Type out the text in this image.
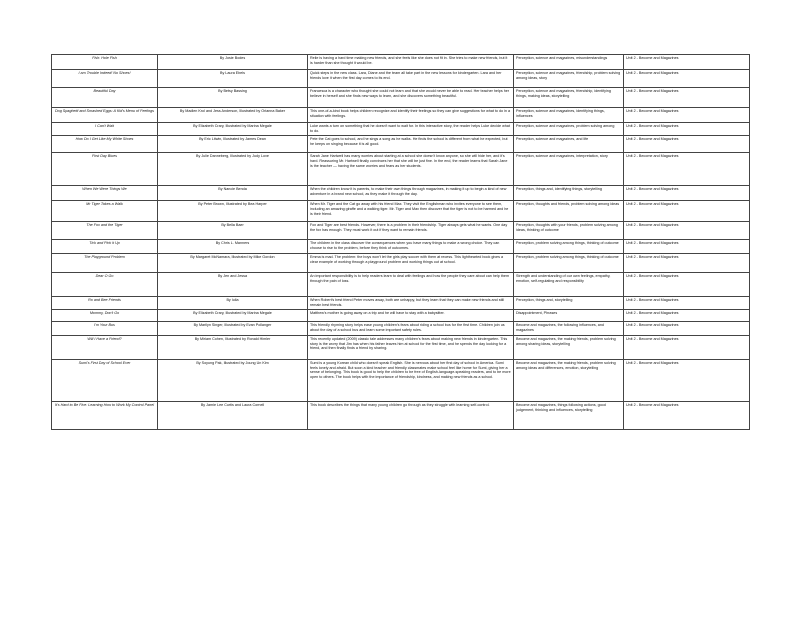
Fish: Hole Fish	By Josie Bodes	Relie is having a hard time making new friends, and she feels like she does not fit in. She tries to make new friends, but it is harder than she thought it would be.	Perception, science and magazines, misunderstandings	Unit 2 - Become and Magazines
I am Trouble Indeed! No Shoes!	By Laura Ebels	Quick steps in the new class. Lara, Diane and the team all take part in the new lessons for kindergarten. Lara and her friends love it when the first day comes to its end.	Perception, science and magazines, friendship, problem solving among ideas, story	Unit 2 - Become and Magazines
Beautiful Day	By Betsy Bassing	Francesca is a character who thought she could not learn and that she would never be able to read. Her teacher helps her believe in herself and she finds new ways to learn, and she discovers something beautiful.	Perception, science and magazines, friendship, identifying things, making ideas, storytelling	Unit 2 - Become and Magazines
Dog Spaghetti and Smashed Eggs: A Kid's Menu of Feelings	By Madlen Krol and Jess Anderson, Illustrated by Orianna Baker	This one-of-a-kind book helps children recognize and identify their feelings so they can give suggestions for what to do in a situation with feelings.	Perception, science and magazines, identifying things, influences	Unit 2 - Become and Magazines
I Can't Wait	By Elizabeth Crary, Illustrated by Marina Megale	Luke wants a turn on something that he doesn't want to wait for. In this interactive story, the reader helps Luke decide what to do.	Perception, science and magazines, problem solving among	Unit 2 - Become and Magazines
How Do I Get Like My White Shoes	By Eric Litwin, Illustrated by James Dean	Pete the Cat goes to school, and he sings a song as he walks. He finds the school is different from what he expected, but he keeps on singing because it is all good.	Perception, science and magazines, and life	Unit 2 - Become and Magazines
First Day Blues	By Julie Danneberg, Illustrated by Judy Love	Sarah Jane Hartwell has many worries about starting at a school she doesn't know anyone, so she will hide her, and it's hard. Reassuring Mr. Hartwell finally convinces her that she will be just fine. In the end, the reader learns that Sarah Jane is the teacher — having the same worries and fears as her students.	Perception, science and magazines, interpretation, story	Unit 2 - Become and Magazines
When We Were Things We	By Nancie Benda	When the children know it is parents, to make their own things through magazines, in making it up to begin a kind of new adventure in a brand new school, as they make it through the day.	Perception, things and, identifying things, storytelling	Unit 2 - Become and Magazines
Mr Tiger Takes a Walk	By Peter Brown, Illustrated by Bea Harper	When Mr. Tiger and the Cat go away with his friend Max. They visit the Englishman who invites everyone to see them, including an amazing giraffe and a walking tiger. Mr. Tiger and Max then discover that the tiger is not to be harmed and he is their friend.	Perception, thoughts and friends, problem solving among ideas	Unit 2 - Become and Magazines
The Fox and the Tiger	By Bella Baer	Fox and Tiger are best friends. However, there is a problem in their friendship. Tiger always gets what he wants. One day the fox has enough. They must work it out if they want to remain friends.	Perception, thoughts with your friends, problem solving among ideas, thinking of outcome	Unit 2 - Become and Magazines
Tick and Pick it Up	By Chris L. Manners	The children in the class discover the consequences when you have many things to make a wrong choice. They can choose to rise to the problem, before they think of outcomes.	Perception, problem solving among things, thinking of outcome	Unit 2 - Become and Magazines
The Playground Problem	By Margaret McNamara, Illustrated by Mike Gordon	Emma is mad. The problem: the boys won't let the girls play soccer with them at recess. This lighthearted book gives a clear example of working through a playground problem and working things out at school.	Perception, problem solving among things, thinking of outcome	Unit 2 - Become and Magazines
Dear O Go	By Jen and Jessa	An important responsibility is to help readers learn to deal with feelings and how the people they care about can help them through the pain of loss.	Strength and understanding of our own feelings, empathy, emotion, self-regulating and responsibility	Unit 2 - Become and Magazines
Ro and Bee Friends	By Iulia	When Robert's best friend Peter moves away, both are unhappy, but they learn that they can make new friends and still remain best friends.	Perception, things and, storytelling	Unit 2 - Become and Magazines
Mommy, Don't Go	By Elizabeth Crary, Illustrated by Marina Megale	Matthew's mother is going away on a trip and he will have to stay with a babysitter.	Disappointment, Phrases	Unit 2 - Become and Magazines
I'm Your Bus	By Marilyn Singer, Illustrated by Evan Pollanger	This friendly rhyming story helps ease young children's fears about riding a school bus for the first time. Children join us about the day of a school bus and learn some important safety rules.	Become and magazines, the following influences, and magazines	Unit 2 - Become and Magazines
Will I Have a Friend?	By Miriam Cohen, Illustrated by Ronald Himler	This recently updated (2009) classic tale addresses many children's fears about making new friends in kindergarten. This story is the worry that Jim has when his father leaves him at school for the first time, and he spends the day looking for a friend, and then finally finds a friend by sharing.	Become and magazines, the making friends, problem solving among sharing ideas, storytelling	Unit 2 - Become and Magazines
Sumi's First Day of School Ever	By Soyung Pak, Illustrated by Joung Un Kim	Sumi is a young Korean child who doesn't speak English. She is nervous about her first day of school in America. Sumi feels lonely and afraid. But soon a kind teacher and friendly classmates make school feel like home for Sumi, giving her a sense of belonging. This book is good to help the children to be free of English-language-speaking readers, and to be more open to others. The book helps with the importance of friendship, kindness, and making new friends as a school.	Become and magazines, the making friends, problem solving among ideas and differences, emotion, storytelling	Unit 2 - Become and Magazines
It's Hard to Be Five: Learning How to Work My Control Panel	By Jamie Lee Curtis and Laura Cornell	This book describes the things that many young children go through as they struggle with learning self-control.	Become and magazines, things following actions, good judgement, thinking and influences, storytelling	Unit 2 - Become and Magazines
